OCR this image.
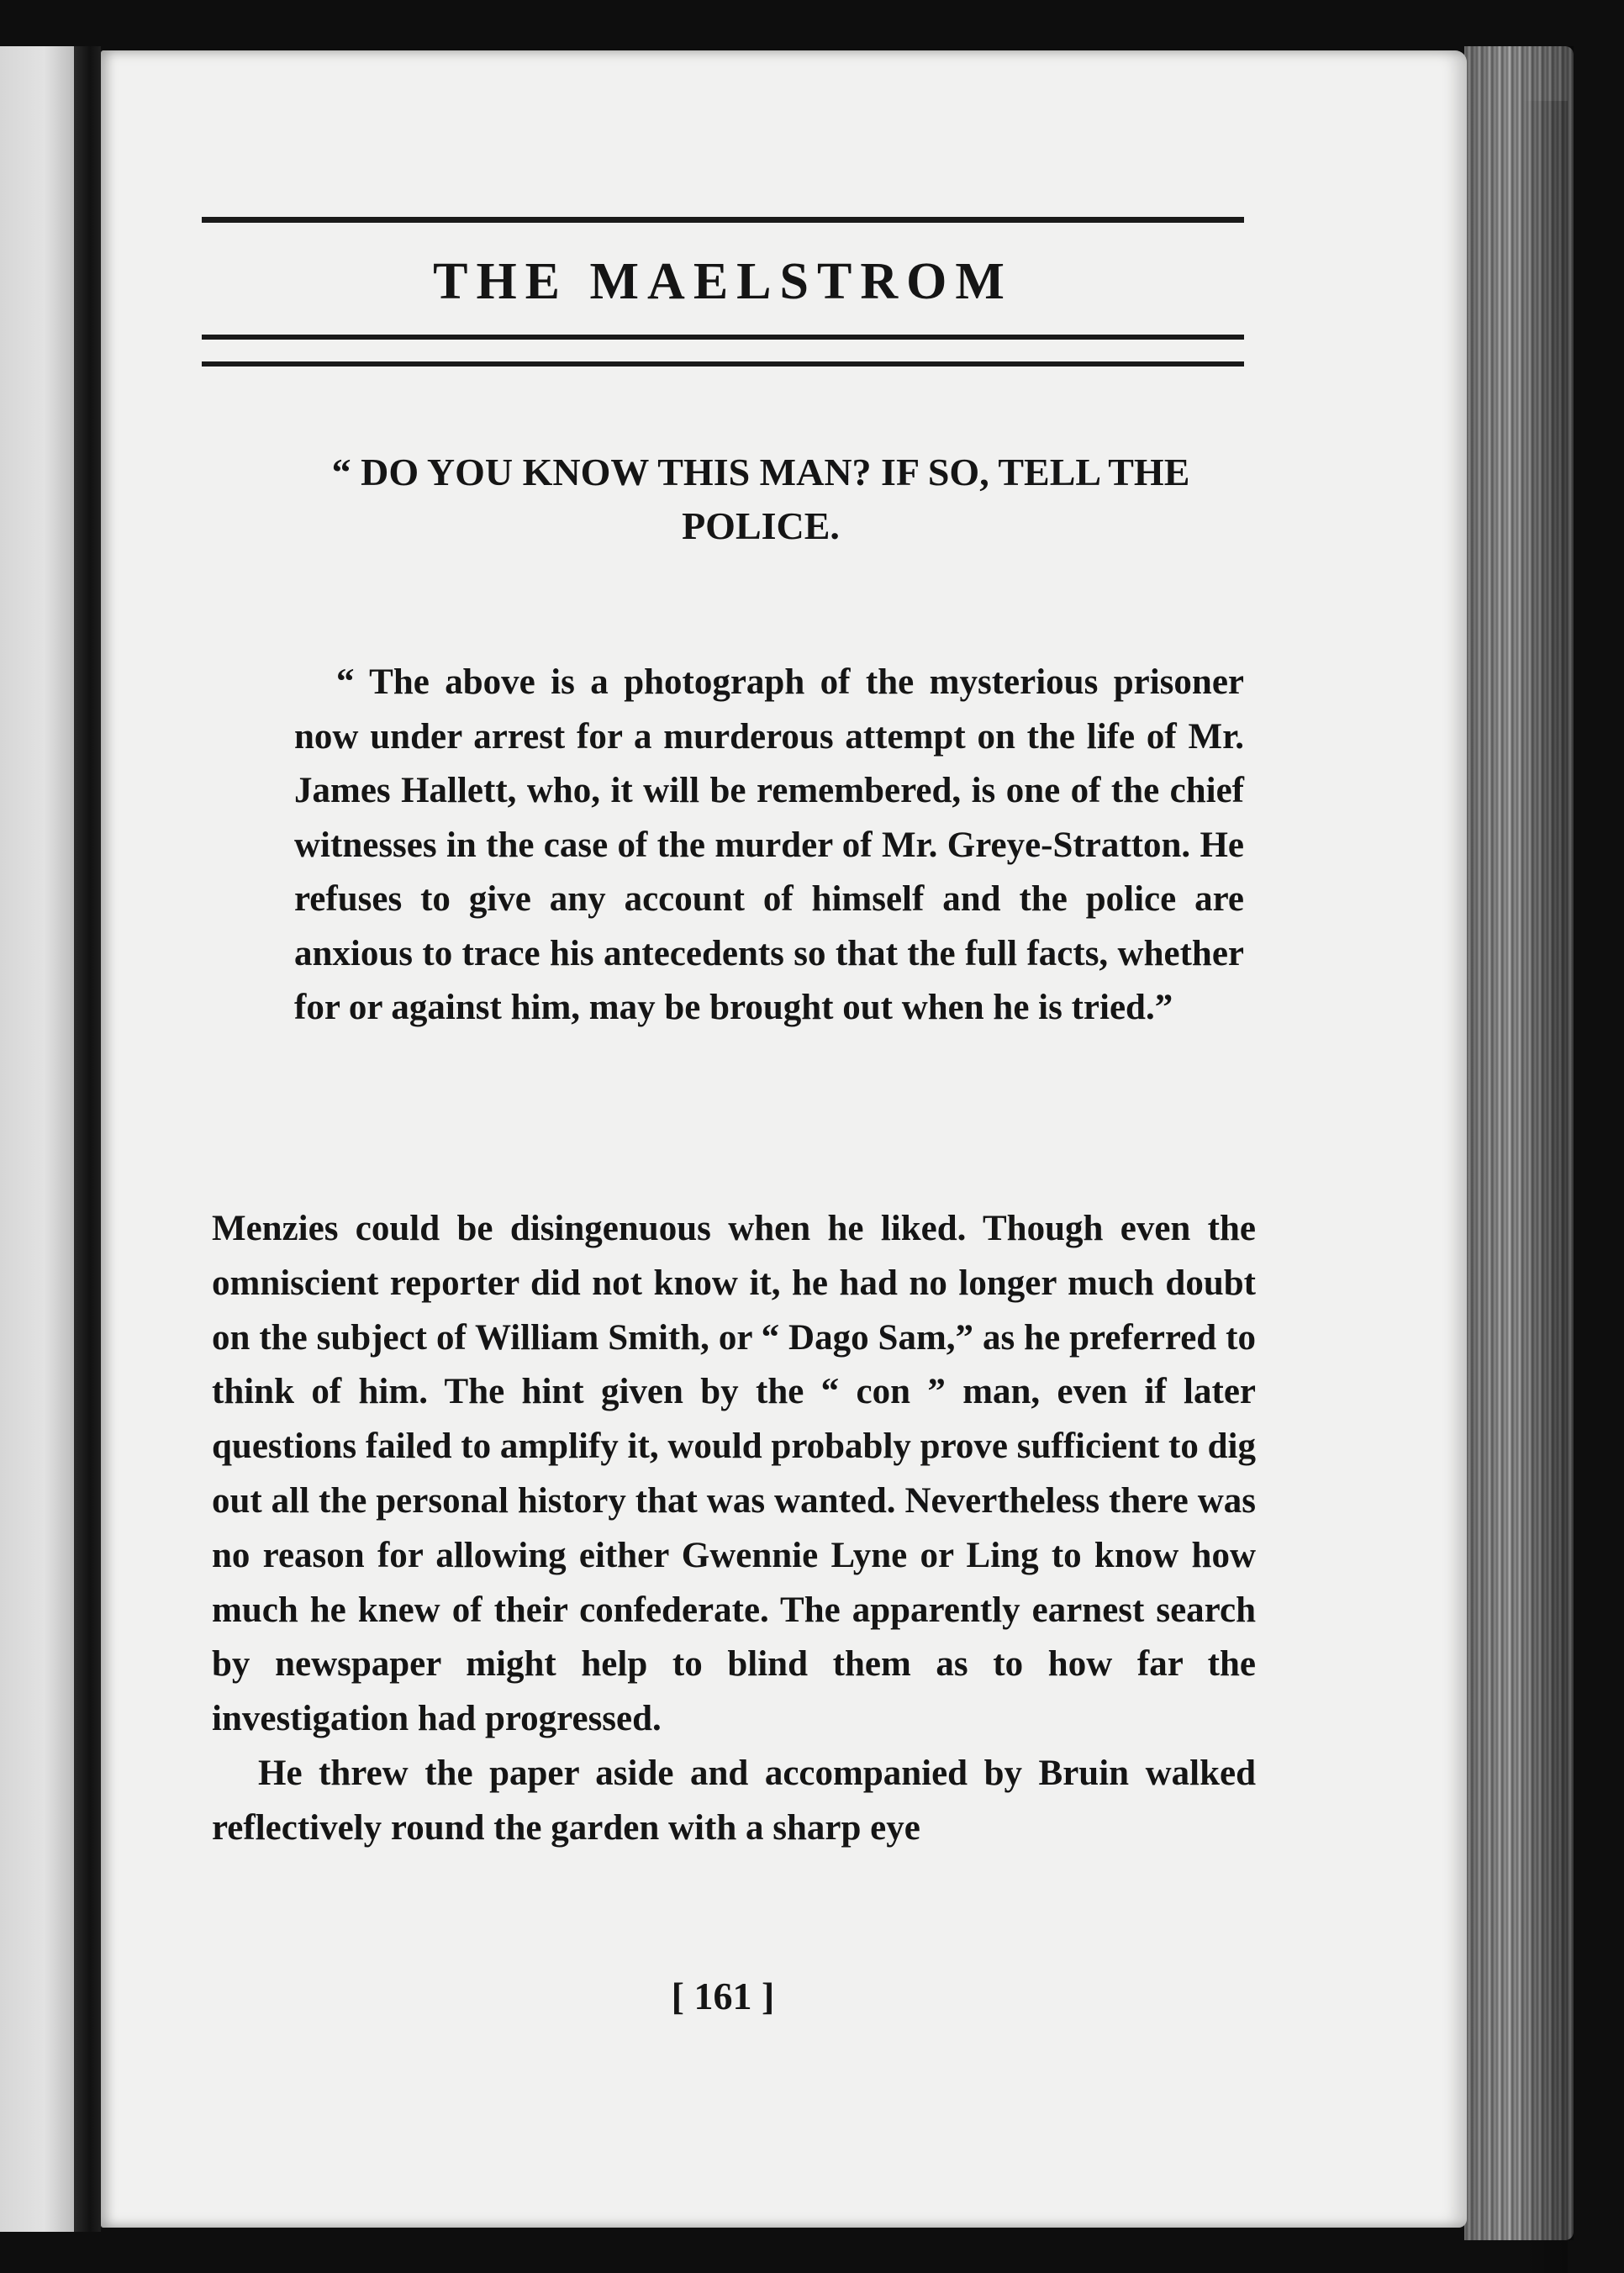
THE MAELSTROM
“ DO YOU KNOW THIS MAN? IF SO, TELL THE POLICE.
“ The above is a photograph of the mysterious prisoner now under arrest for a murderous attempt on the life of Mr. James Hallett, who, it will be remembered, is one of the chief witnesses in the case of the murder of Mr. Greye-Stratton. He refuses to give any account of himself and the police are anxious to trace his antecedents so that the full facts, whether for or against him, may be brought out when he is tried.”

Menzies could be disingenuous when he liked. Though even the omniscient reporter did not know it, he had no longer much doubt on the subject of William Smith, or “ Dago Sam,” as he preferred to think of him. The hint given by the “ con ” man, even if later questions failed to amplify it, would probably prove sufficient to dig out all the personal history that was wanted. Nevertheless there was no reason for allowing either Gwennie Lyne or Ling to know how much he knew of their confederate. The apparently earnest search by newspaper might help to blind them as to how far the investigation had progressed.

He threw the paper aside and accompanied by Bruin walked reflectively round the garden with a sharp eye

[ 161 ]
